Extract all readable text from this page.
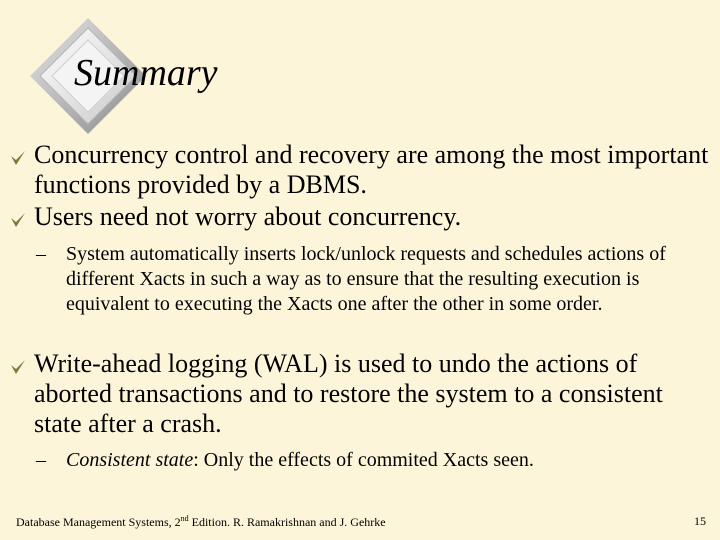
Summary
Concurrency control and recovery are among the most important functions provided by a DBMS.
Users need not worry about concurrency.
– System automatically inserts lock/unlock requests and schedules actions of different Xacts in such a way as to ensure that the resulting execution is equivalent to executing the Xacts one after the other in some order.
Write-ahead logging (WAL) is used to undo the actions of aborted transactions and to restore the system to a consistent state after a crash.
– Consistent state: Only the effects of commited Xacts seen.
Database Management Systems, 2nd Edition. R. Ramakrishnan and J. Gehrke	15
